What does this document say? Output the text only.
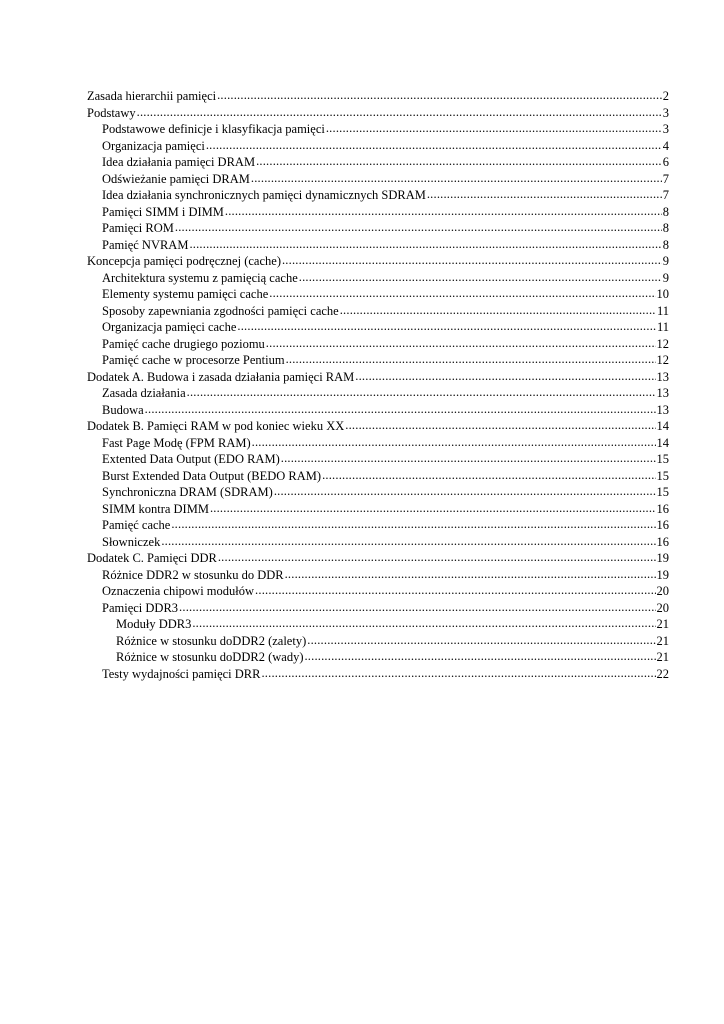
Zasada hierarchii pamięci .....	2
Podstawy .....	3
Podstawowe definicje i klasyfikacja pamięci .....	3
Organizacja pamięci .....	4
Idea działania pamięci DRAM .....	6
Odświeżanie pamięci DRAM .....	7
Idea działania synchronicznych pamięci dynamicznych SDRAM .....	7
Pamięci SIMM i DIMM .....	8
Pamięci ROM .....	8
Pamięć NVRAM .....	8
Koncepcja pamięci podręcznej (cache) .....	9
Architektura systemu z pamięcią cache .....	9
Elementy systemu pamięci cache .....	10
Sposoby zapewniania zgodności pamięci cache .....	11
Organizacja pamięci cache .....	11
Pamięć cache drugiego poziomu .....	12
Pamięć cache w procesorze Pentium .....	12
Dodatek A. Budowa i zasada działania pamięci RAM .....	13
Zasada działania .....	13
Budowa .....	13
Dodatek B. Pamięci RAM w pod koniec wieku XX .....	14
Fast Page Modę (FPM RAM) .....	14
Extented Data Output (EDO RAM) .....	15
Burst Extended Data Output (BEDO RAM) .....	15
Synchroniczna DRAM (SDRAM) .....	15
SIMM kontra DIMM .....	16
Pamięć cache .....	16
Słowniczek .....	16
Dodatek C. Pamięci DDR .....	19
Różnice DDR2 w stosunku do DDR .....	19
Oznaczenia chipowi modułów .....	20
Pamięci DDR3 .....	20
Moduły DDR3 .....	21
Różnice w stosunku doDDR2 (zalety) .....	21
Różnice w stosunku doDDR2 (wady) .....	21
Testy wydajności pamięci DRR .....	22
